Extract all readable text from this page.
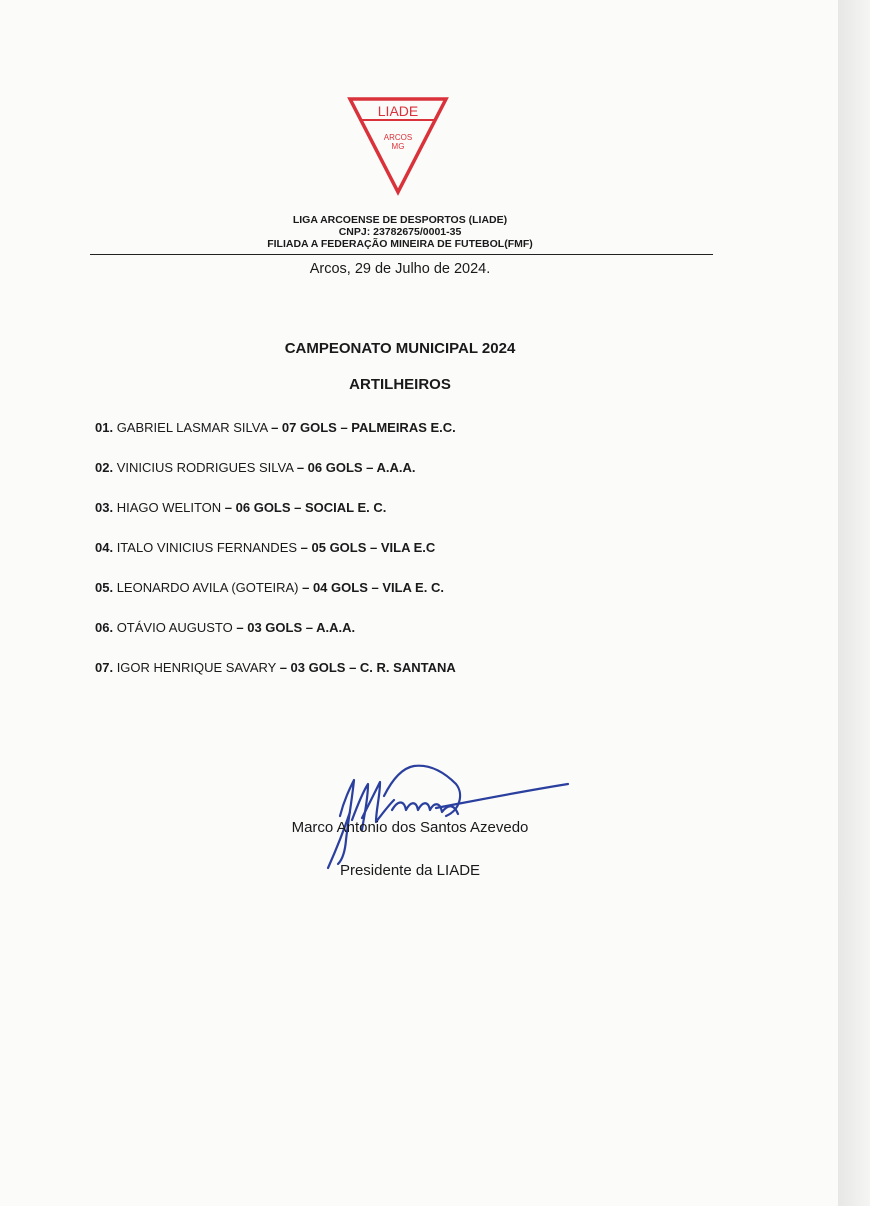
LIADE
ARCOS
MG
LIGA ARCOENSE DE DESPORTOS (LIADE)
CNPJ: 23782675/0001-35
FILIADA A FEDERAÇÃO MINEIRA DE FUTEBOL(FMF)
Arcos, 29 de Julho de 2024.
CAMPEONATO MUNICIPAL 2024
ARTILHEIROS
01. GABRIEL LASMAR SILVA – 07 GOLS – PALMEIRAS E.C.
02. VINICIUS RODRIGUES SILVA – 06 GOLS – A.A.A.
03. HIAGO WELITON – 06 GOLS – SOCIAL E. C.
04. ITALO VINICIUS FERNANDES – 05 GOLS – VILA E.C
05. LEONARDO AVILA (GOTEIRA) – 04 GOLS – VILA E. C.
06. OTÁVIO AUGUSTO – 03 GOLS – A.A.A.
07. IGOR HENRIQUE SAVARY – 03 GOLS – C. R. SANTANA
Marco Antonio dos Santos Azevedo
Presidente da LIADE
